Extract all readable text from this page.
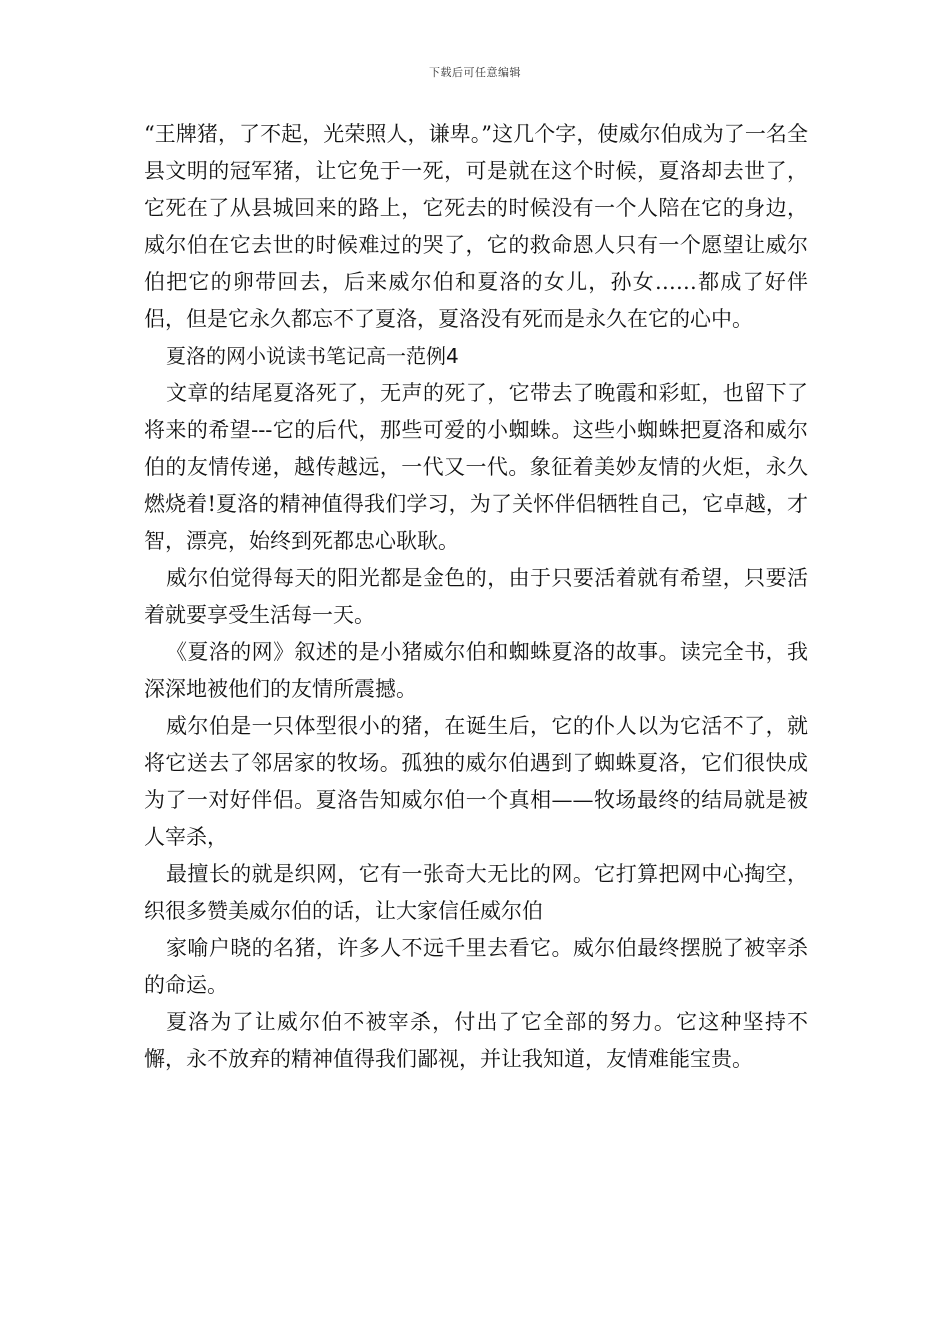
下载后可任意编辑

“王牌猪，了不起，光荣照人，谦卑。”这几个字，使威尔伯成为了一名全县文明的冠军猪，让它免于一死，可是就在这个时候，夏洛却去世了，它死在了从县城回来的路上，它死去的时候没有一个人陪在它的身边，威尔伯在它去世的时候难过的哭了，它的救命恩人只有一个愿望让威尔伯把它的卵带回去，后来威尔伯和夏洛的女儿，孙女……都成了好伴侣，但是它永久都忘不了夏洛，夏洛没有死而是永久在它的心中。

夏洛的网小说读书笔记高一范例4

文章的结尾夏洛死了，无声的死了，它带去了晚霞和彩虹，也留下了将来的希望---它的后代，那些可爱的小蜘蛛。这些小蜘蛛把夏洛和威尔伯的友情传递，越传越远，一代又一代。象征着美妙友情的火炬，永久燃烧着!夏洛的精神值得我们学习，为了关怀伴侣牺牲自己，它卓越，才智，漂亮，始终到死都忠心耿耿。

威尔伯觉得每天的阳光都是金色的，由于只要活着就有希望，只要活着就要享受生活每一天。

《夏洛的网》叙述的是小猪威尔伯和蜘蛛夏洛的故事。读完全书，我深深地被他们的友情所震撼。

威尔伯是一只体型很小的猪，在诞生后，它的仆人以为它活不了，就将它送去了邻居家的牧场。孤独的威尔伯遇到了蜘蛛夏洛，它们很快成为了一对好伴侣。夏洛告知威尔伯一个真相——牧场最终的结局就是被人宰杀，

最擅长的就是织网，它有一张奇大无比的网。它打算把网中心掏空，织很多赞美威尔伯的话，让大家信任威尔伯

家喻户晓的名猪，许多人不远千里去看它。威尔伯最终摆脱了被宰杀的命运。

夏洛为了让威尔伯不被宰杀，付出了它全部的努力。它这种坚持不懈，永不放弃的精神值得我们鄙视，并让我知道，友情难能宝贵。
